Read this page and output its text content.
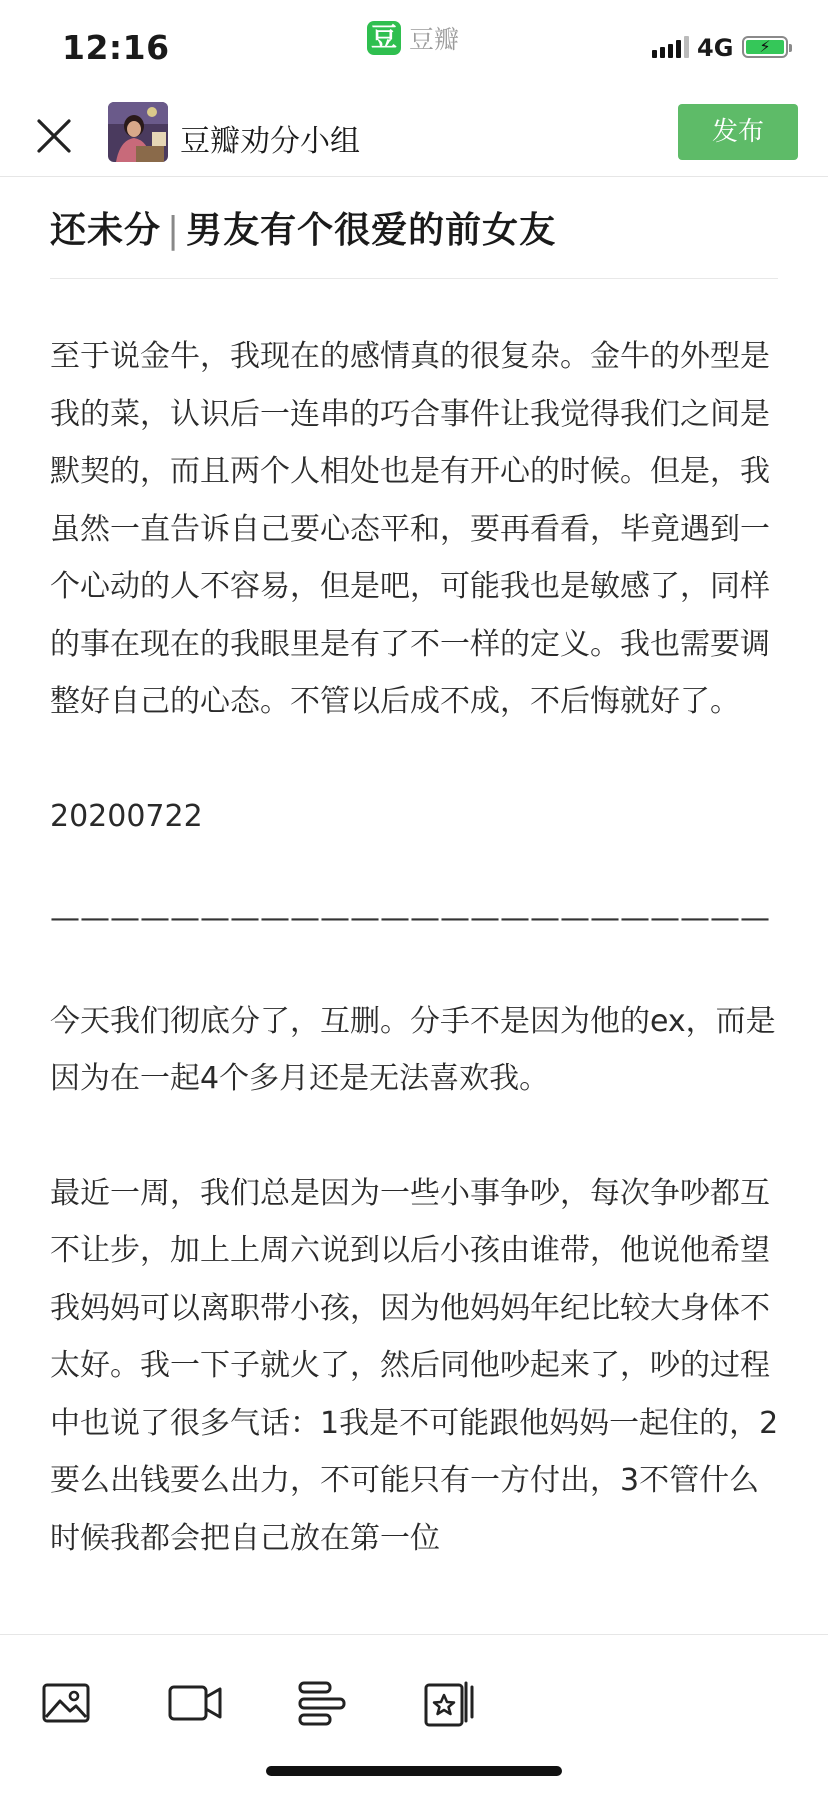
12:16	豆 豆瓣	4G	⚡
豆瓣劝分小组	发布
还未分 | 男友有个很爱的前女友

至于说金牛，我现在的感情真的很复杂。金牛的外型是我的菜，认识后一连串的巧合事件让我觉得我们之间是默契的，而且两个人相处也是有开心的时候。但是，我虽然一直告诉自己要心态平和，要再看看，毕竟遇到一个心动的人不容易，但是吧，可能我也是敏感了，同样的事在现在的我眼里是有了不一样的定义。我也需要调整好自己的心态。不管以后成不成，不后悔就好了。

20200722

————————————————————————

今天我们彻底分了，互删。分手不是因为他的ex，而是因为在一起4个多月还是无法喜欢我。

最近一周，我们总是因为一些小事争吵，每次争吵都互不让步，加上上周六说到以后小孩由谁带，他说他希望我妈妈可以离职带小孩，因为他妈妈年纪比较大身体不太好。我一下子就火了，然后同他吵起来了，吵的过程中也说了很多气话：1我是不可能跟他妈妈一起住的，2要么出钱要么出力，不可能只有一方付出，3不管什么时候我都会把自己放在第一位
